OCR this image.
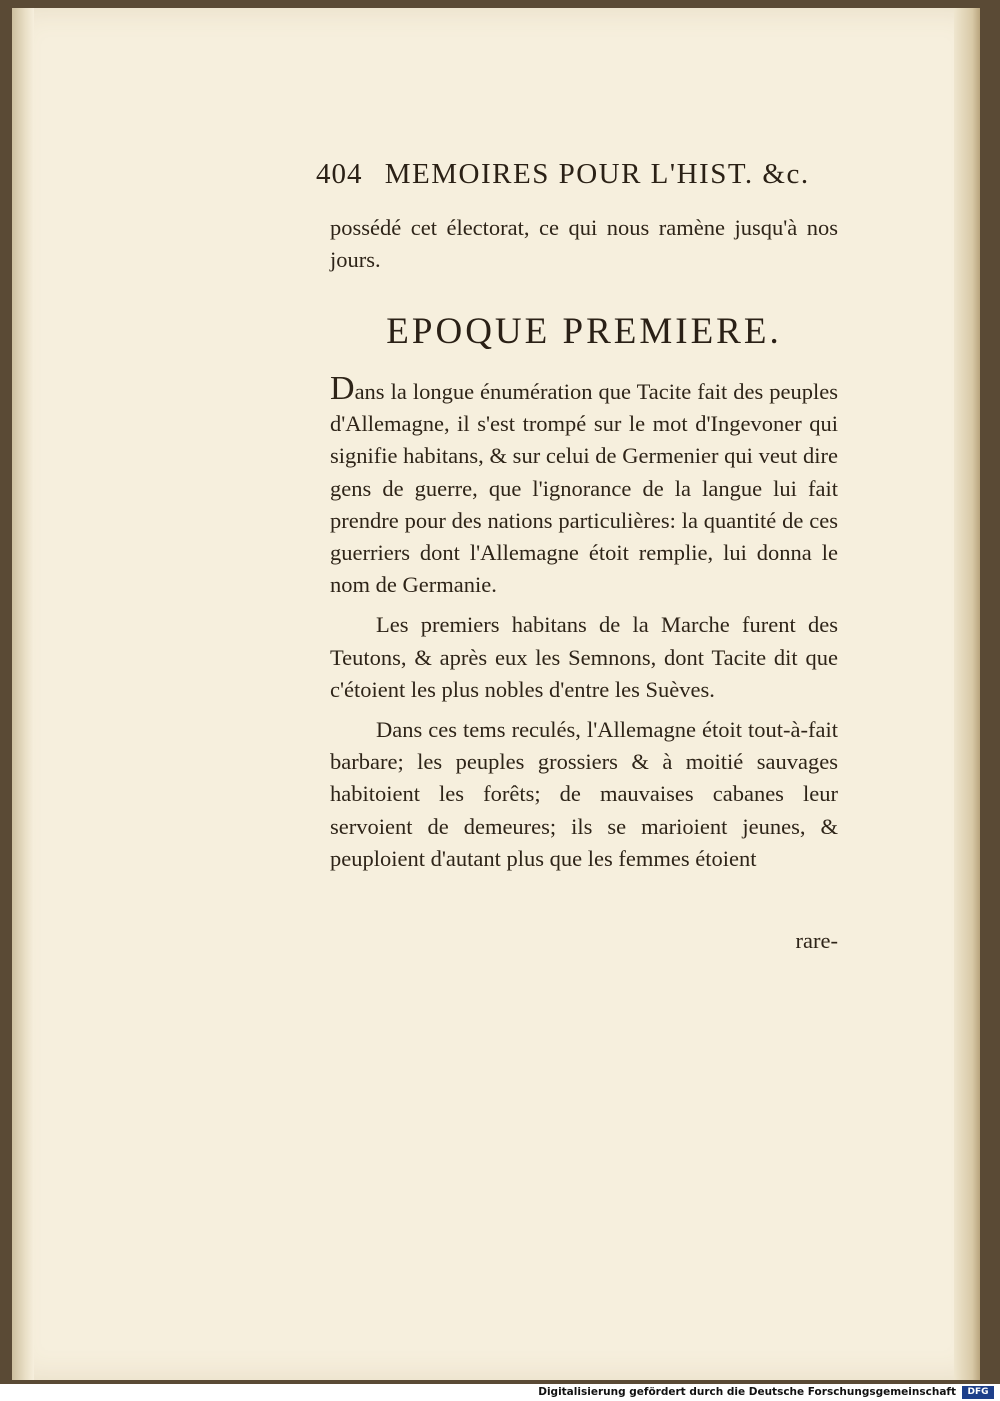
404 MEMOIRES POUR L'HIST. &c.

possédé cet électorat, ce qui nous ramène jusqu'à nos jours.

EPOQUE PREMIERE.

Dans la longue énumération que Tacite fait des peuples d'Allemagne, il s'est trompé sur le mot d'Ingevoner qui signifie habitans, & sur celui de Germenier qui veut dire gens de guerre, que l'ignorance de la langue lui fait prendre pour des nations particulières: la quantité de ces guerriers dont l'Allemagne étoit remplie, lui donna le nom de Germanie.

Les premiers habitans de la Marche furent des Teutons, & après eux les Semnons, dont Tacite dit que c'étoient les plus nobles d'entre les Suèves.

Dans ces tems reculés, l'Allemagne étoit tout-à-fait barbare; les peuples grossiers & à moitié sauvages habitoient les forêts; de mauvaises cabanes leur servoient de demeures; ils se marioient jeunes, & peuploient d'autant plus que les femmes étoient

rare-
Digitalisierung gefördert durch die Deutsche Forschungsgemeinschaft	DFG
